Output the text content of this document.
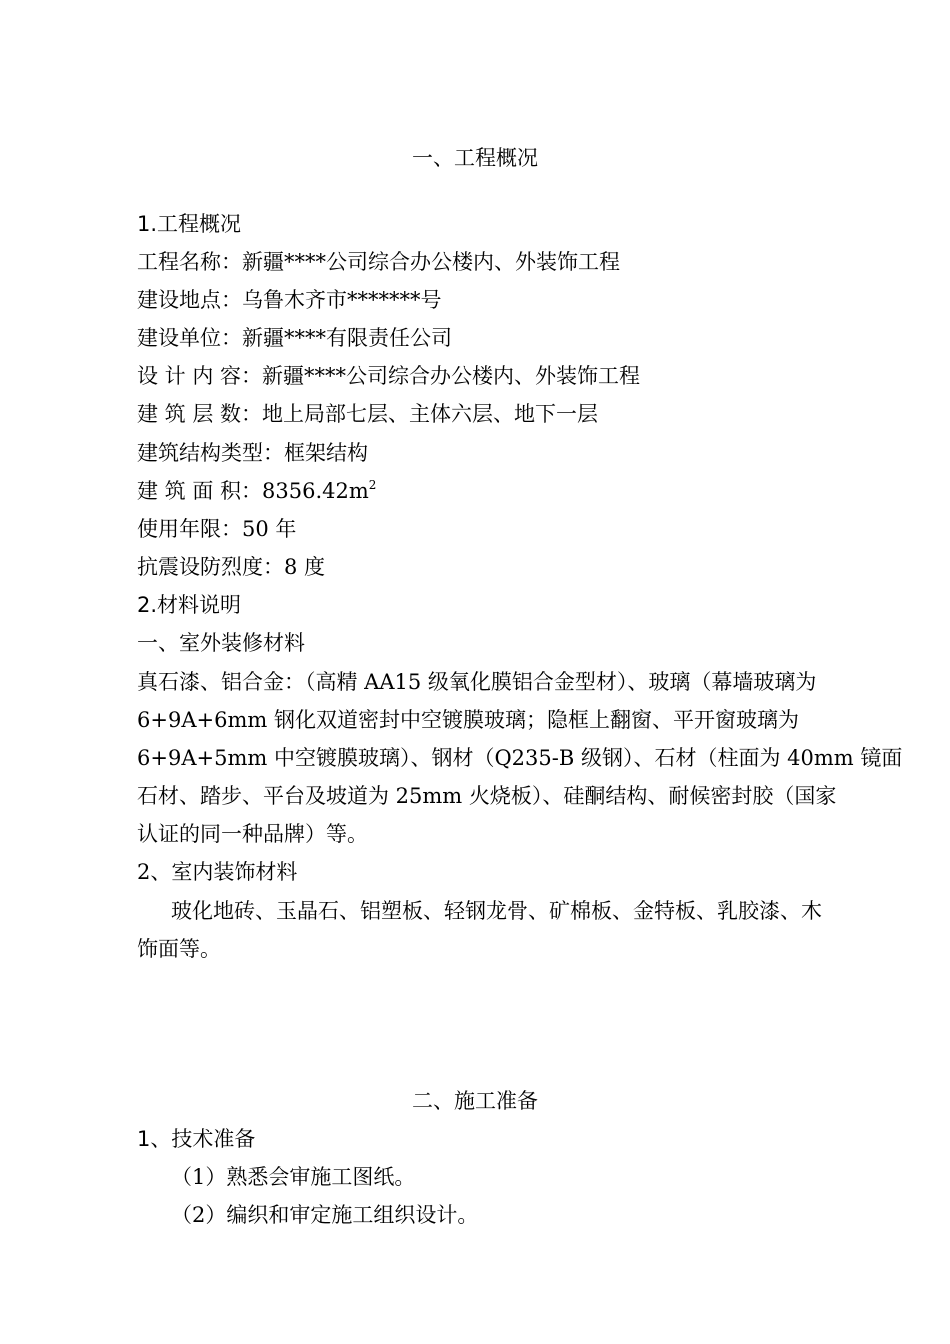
一、工程概况
1.工程概况
工程名称：新疆****公司综合办公楼内、外装饰工程
建设地点：乌鲁木齐市*******号
建设单位：新疆****有限责任公司
设 计 内 容：新疆****公司综合办公楼内、外装饰工程
建 筑 层 数：地上局部七层、主体六层、地下一层
建筑结构类型：框架结构
建 筑 面 积：$8356.42m^2$
使用年限：50 年
抗震设防烈度：8 度
2.材料说明
一、室外装修材料
真石漆、铝合金：（高精 AA15 级氧化膜铝合金型材）、玻璃（幕墙玻璃为
6+9A+6mm 钢化双道密封中空镀膜玻璃；隐框上翻窗、平开窗玻璃为
6+9A+5mm 中空镀膜玻璃）、钢材（Q235-B 级钢）、石材（柱面为 40mm 镜面
石材、踏步、平台及坡道为 25mm 火烧板）、硅酮结构、耐候密封胶（国家
认证的同一种品牌）等。
2、室内装饰材料
玻化地砖、玉晶石、铝塑板、轻钢龙骨、矿棉板、金特板、乳胶漆、木
饰面等。
二、施工准备
1、技术准备
（1）熟悉会审施工图纸。
（2）编织和审定施工组织设计。
